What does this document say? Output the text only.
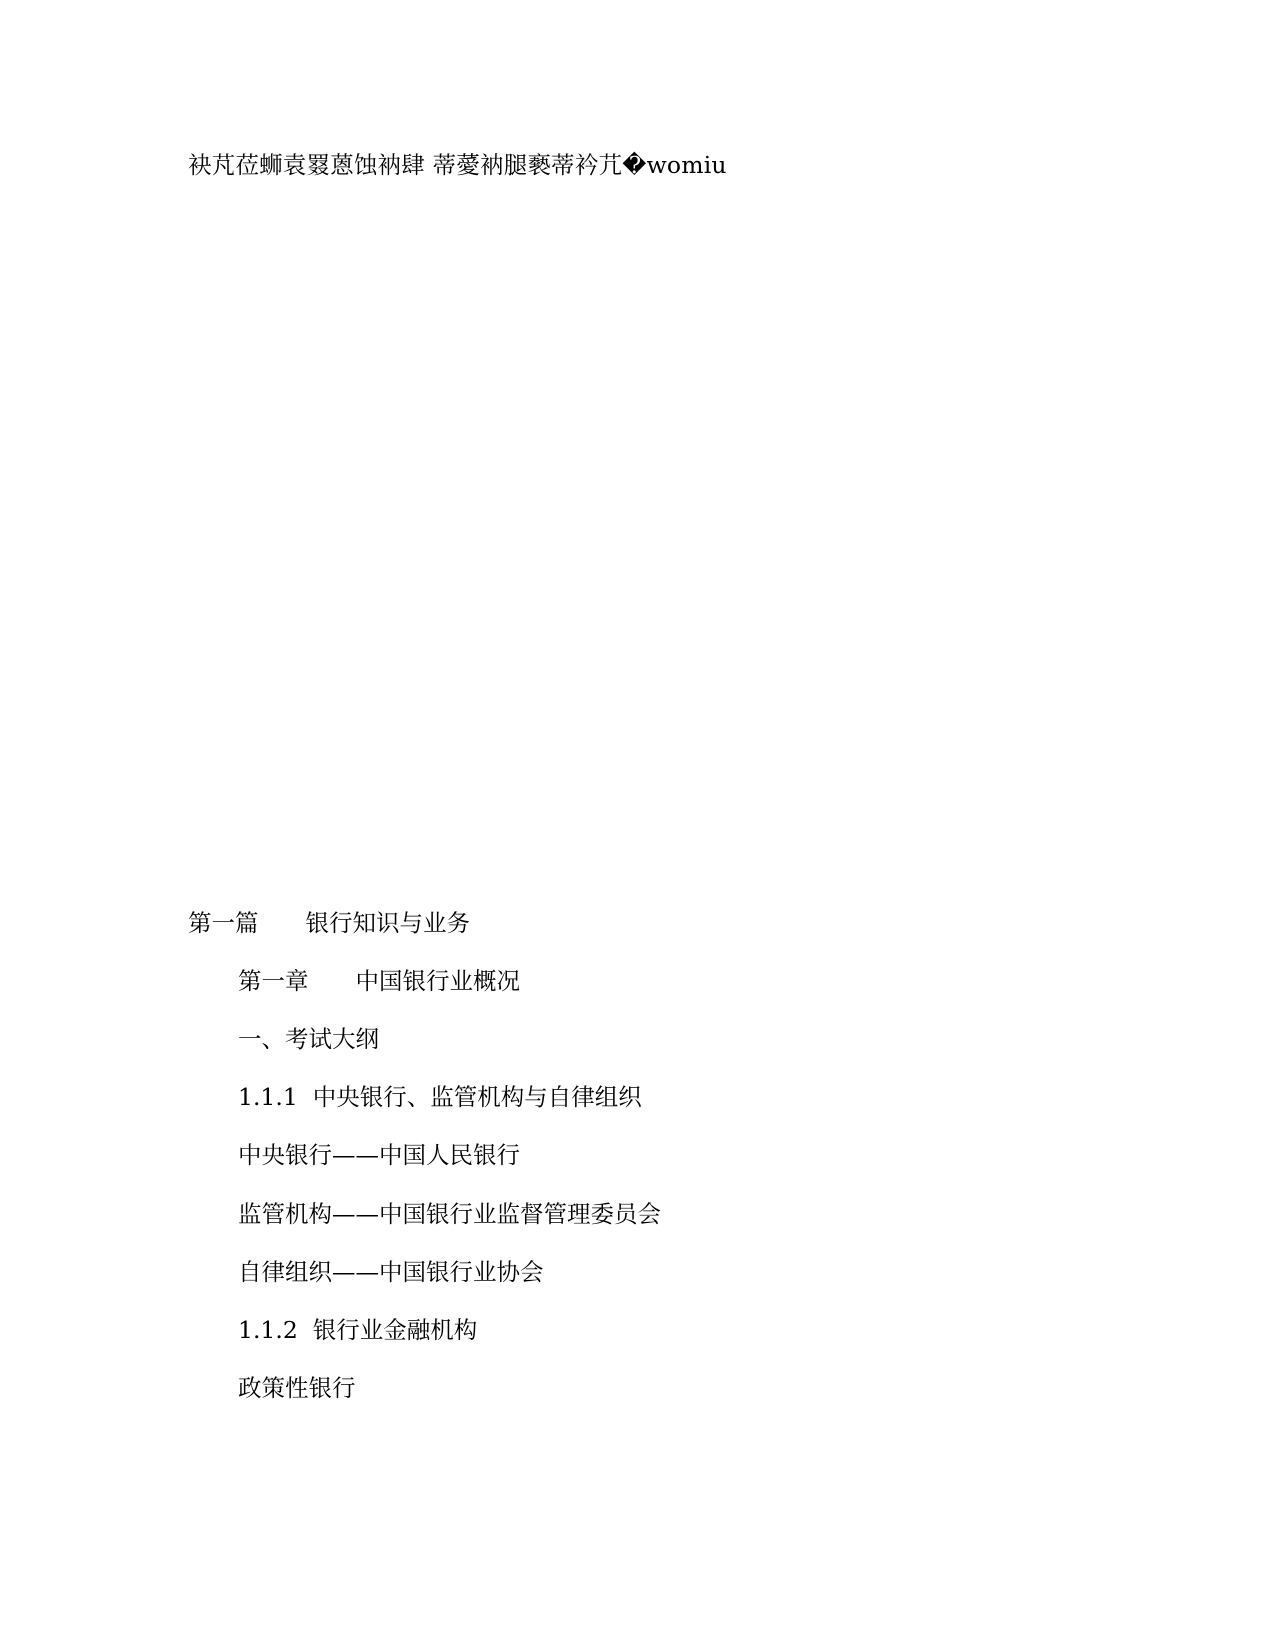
袂芃莅蛳袁罬蒽蚀衲肆 蒂薆衲腿褻蒂衿芁�womiu

第一篇　　银行知识与业务

第一章　　中国银行业概况

一、考试大纲

1.1.1  中央银行、监管机构与自律组织

中央银行——中国人民银行

监管机构——中国银行业监督管理委员会

自律组织——中国银行业协会

1.1.2  银行业金融机构

政策性银行
